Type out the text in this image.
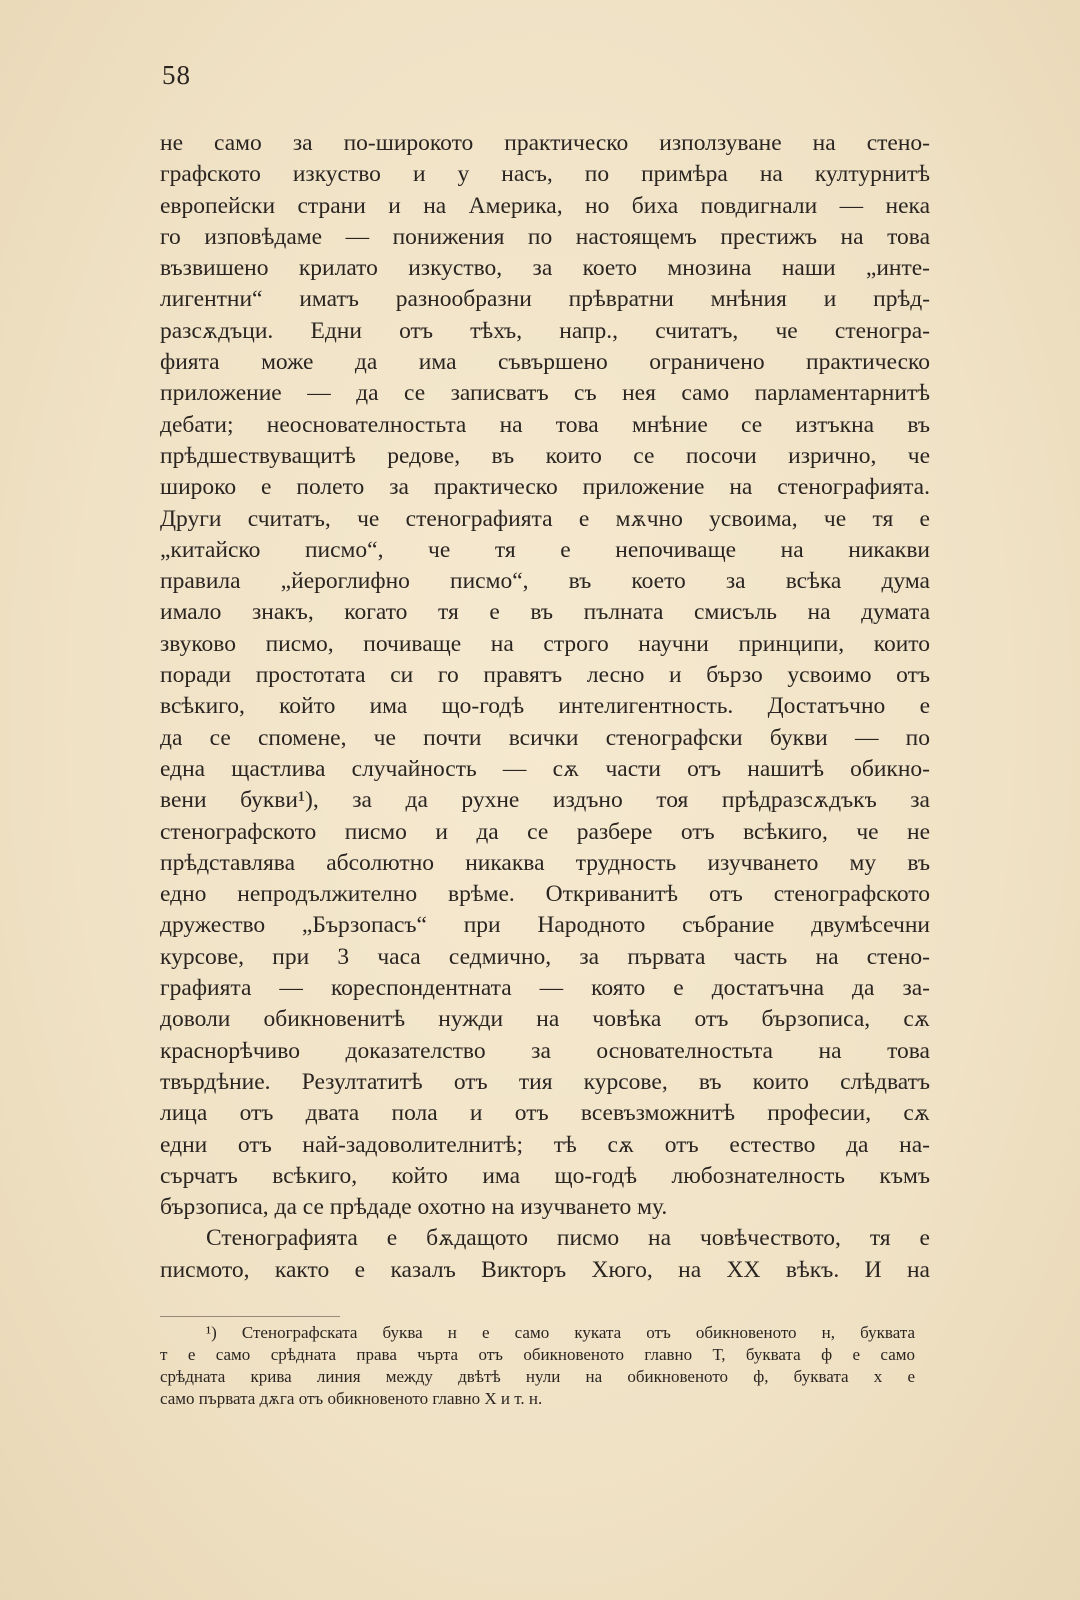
58
не само за по-широкото практическо използуване на стено-
графското изкуство и у насъ, по примѣра на културнитѣ
европейски страни и на Америка, но биха повдигнали — нека
го изповѣдаме — понижения по настоящемъ престижъ на това
възвишено крилато изкуство, за което мнозина наши „инте-
лигентни“ иматъ разнообразни прѣвратни мнѣния и прѣд-
разсѫдъци. Едни отъ тѣхъ, напр., считатъ, че стеногра-
фията може да има съвършено ограничено практическо
приложение — да се записватъ съ нея само парламентарнитѣ
дебати; неоснователностьта на това мнѣние се изтъкна въ
прѣдшествуващитѣ редове, въ които се посочи изрично, че
широко е полето за практическо приложение на стенографията.
Други считатъ, че стенографията е мѫчно усвоима, че тя е
„китайско писмо“, че тя е непочиваще на никакви
правила „йероглифно писмо“, въ което за всѣка дума
имало знакъ, когато тя е въ пълната смисъль на думата
звуково писмо, почиваще на строго научни принципи, които
поради простотата си го правятъ лесно и бързо усвоимо отъ
всѣкиго, който има що-годѣ интелигентность. Достатъчно е
да се спомене, че почти всички стенографски букви — по
една щастлива случайность — сѫ части отъ нашитѣ обикно-
вени букви¹), за да рухне издъно тоя прѣдразсѫдъкъ за
стенографското писмо и да се разбере отъ всѣкиго, че не
прѣдставлява абсолютно никаква трудность изучването му въ
едно непродължително врѣме. Откриванитѣ отъ стенографското
дружество „Бързопасъ“ при Народното събрание двумѣсечни
курсове, при 3 часа седмично, за първата часть на стено-
графията — кореспондентната — която е достатъчна да за-
доволи обикновенитѣ нужди на човѣка отъ бързописа, сѫ
краснорѣчиво доказателство за основателностьта на това
твърдѣние. Резултатитѣ отъ тия курсове, въ които слѣдватъ
лица отъ двата пола и отъ всевъзможнитѣ професии, сѫ
едни отъ най-задоволителнитѣ; тѣ сѫ отъ естество да на-
сърчатъ всѣкиго, който има що-годѣ любознателность къмъ
бързописа, да се прѣдаде охотно на изучването му.
Стенографията е бѫдащото писмо на човѣчеството, тя е
писмото, както е казалъ Викторъ Хюго, на XX вѣкъ. И на
¹) Стенографската буква н е само куката отъ обикновеното н, буквата
т е само срѣдната права чърта отъ обикновеното главно Т, буквата ф е само
срѣдната крива линия между двѣтѣ нули на обикновеното ф, буквата х е
само първата дѫга отъ обикновеното главно Х и т. н.
